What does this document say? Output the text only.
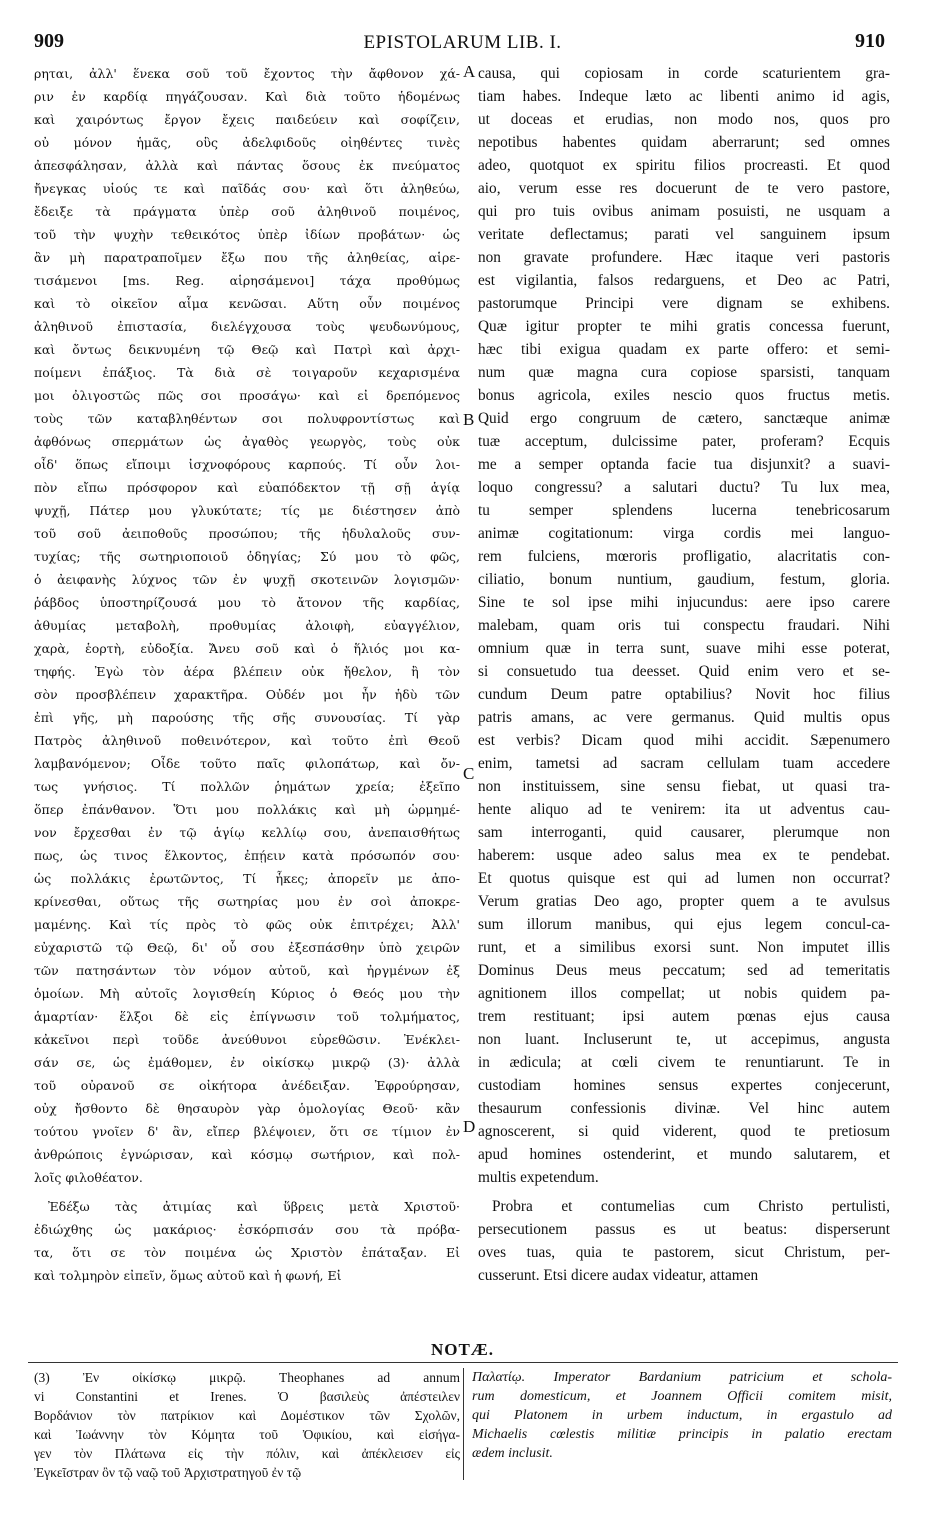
909	EPISTOLARUM LIB. I.	910
ρηται, ἀλλ' ἕνεκα σοῦ τοῦ ἔχοντος τὴν ἄφθονον χά-
ριν ἐν καρδίᾳ πηγάζουσαν. Καὶ διὰ τοῦτο ἡδομένως
καὶ χαιρόντως ἔργον ἔχεις παιδεύειν καὶ σοφίζειν,
οὐ μόνον ἡμᾶς, οὓς ἀδελφιδοῦς οἰηθέντες τινὲς
ἀπεσφάλησαν, ἀλλὰ καὶ πάντας ὅσους ἐκ πνεύματος
ἤνεγκας υἱούς τε καὶ παῖδάς σου· καὶ ὅτι ἀληθεύω,
ἔδειξε τὰ πράγματα ὑπὲρ σοῦ ἀληθινοῦ ποιμένος,
τοῦ τὴν ψυχὴν τεθεικότος ὑπὲρ ἰδίων προβάτων· ὡς
ἂν μὴ παρατραποῖμεν ἔξω που τῆς ἀληθείας, αἱρε-
τισάμενοι [ms. Reg. αἱρησάμενοι] τάχα προθύμως
καὶ τὸ οἰκεῖον αἷμα κενῶσαι. Αὕτη οὖν ποιμένος
ἀληθινοῦ ἐπιστασία, διελέγχουσα τοὺς ψευδωνύμους,
καὶ ὄντως δεικνυμένη τῷ Θεῷ καὶ Πατρὶ καὶ ἀρχι-
ποίμενι ἐπάξιος. Τὰ διὰ σὲ τοιγαροῦν κεχαρισμένα
μοι ὀλιγοστῶς πῶς σοι προσάγω· καὶ εἰ δρεπόμενος
τοὺς τῶν καταβληθέντων σοι πολυφροντίστως καὶ
ἀφθόνως σπερμάτων ὡς ἀγαθὸς γεωργὸς, τοὺς οὐκ
οἶδ' ὅπως εἴποιμι ἰσχνοφόρους καρπούς. Τί οὖν λοι-
πὸν εἴπω πρόσφορον καὶ εὐαπόδεκτον τῇ σῇ ἁγίᾳ
ψυχῇ, Πάτερ μου γλυκύτατε; τίς με διέστησεν ἀπὸ
τοῦ σοῦ ἀειποθοῦς προσώπου; τῆς ἡδυλαλοῦς συν-
τυχίας; τῆς σωτηριοποιοῦ ὁδηγίας; Σύ μου τὸ φῶς,
ὁ ἀειφανὴς λύχνος τῶν ἐν ψυχῇ σκοτεινῶν λογισμῶν·
ῥάβδος ὑποστηρίζουσά μου τὸ ἄτονον τῆς καρδίας,
ἀθυμίας μεταβολὴ, προθυμίας ἀλοιφὴ, εὐαγγέλιον,
χαρὰ, ἑορτὴ, εὐδοξία. Ἄνευ σοῦ καὶ ὁ ἥλιός μοι κα-
τηφής. Ἐγὼ τὸν ἀέρα βλέπειν οὐκ ἤθελον, ἢ τὸν
σὸν προσβλέπειν χαρακτῆρα. Οὐδέν μοι ἦν ἡδὺ τῶν
ἐπὶ γῆς, μὴ παρούσης τῆς σῆς συνουσίας. Τί γὰρ
Πατρὸς ἀληθινοῦ ποθεινότερον, καὶ τοῦτο ἐπὶ Θεοῦ
λαμβανόμενον; Οἶδε τοῦτο παῖς φιλοπάτωρ, καὶ ὄν-
τως γνήσιος. Τί πολλῶν ῥημάτων χρεία; ἐξεῖπο
ὅπερ ἐπάνθανον. Ὅτι μου πολλάκις καὶ μὴ ὡρμημέ-
νον ἔρχεσθαι ἐν τῷ ἁγίῳ κελλίῳ σου, ἀνεπαισθήτως
πως, ὡς τινος ἕλκοντος, ἐπῄειν κατὰ πρόσωπόν σου·
ὡς πολλάκις ἐρωτῶντος, Τί ἧκες; ἀπορεῖν με ἀπο-
κρίνεσθαι, οὕτως τῆς σωτηρίας μου ἐν σοὶ ἀποκρε-
μαμένης. Καὶ τίς πρὸς τὸ φῶς οὐκ ἐπιτρέχει; Ἀλλ'
εὐχαριστῶ τῷ Θεῷ, δι' οὗ σου ἐξεσπάσθην ὑπὸ χειρῶν
τῶν πατησάντων τὸν νόμον αὐτοῦ, καὶ ἠργμένων ἐξ
ὁμοίων. Μὴ αὐτοῖς λογισθείη Κύριος ὁ Θεός μου τὴν
ἁμαρτίαν· ἕλξοι δὲ εἰς ἐπίγνωσιν τοῦ τολμήματος,
κἀκεῖνοι περὶ τοῦδε ἀνεύθυνοι εὑρεθῶσιν. Ἐνέκλει-
σάν σε, ὡς ἐμάθομεν, ἐν οἰκίσκῳ μικρῷ (3)· ἀλλὰ
τοῦ οὐρανοῦ σε οἰκήτορα ἀνέδειξαν. Ἐφρούρησαν,
οὐχ ἤσθοντο δὲ θησαυρὸν γὰρ ὁμολογίας Θεοῦ· κἂν
τούτου γνοῖεν δ' ἂν, εἴπερ βλέψοιεν, ὅτι σε τίμιον ἐν
ἀνθρώποις ἐγνώρισαν, καὶ κόσμῳ σωτήριον, καὶ πολ-
λοῖς φιλοθέατον.
Ἐδέξω τὰς ἀτιμίας καὶ ὕβρεις μετὰ Χριστοῦ·
ἐδιώχθης ὡς μακάριος· ἐσκόρπισάν σου τὰ πρόβα-
τα, ὅτι σε τὸν ποιμένα ὡς Χριστὸν ἐπάταξαν. Εἰ
καὶ τολμηρὸν εἰπεῖν, ὅμως αὐτοῦ καὶ ἡ φωνή, Εἰ
causa, qui copiosam in corde scaturientem gra-
tiam habes. Indeque læto ac libenti animo id agis,
ut doceas et erudias, non modo nos, quos pro
nepotibus habentes quidam aberrarunt; sed omnes
adeo, quotquot ex spiritu filios procreasti. Et quod
aio, verum esse res docuerunt de te vero pastore,
qui pro tuis ovibus animam posuisti, ne usquam a
veritate deflectamus; parati vel sanguinem ipsum
non gravate profundere. Hæc itaque veri pastoris
est vigilantia, falsos redarguens, et Deo ac Patri,
pastorumque Principi vere dignam se exhibens.
Quæ igitur propter te mihi gratis concessa fuerunt,
hæc tibi exigua quadam ex parte offero: et semi-
num quæ magna cura copiose sparsisti, tanquam
bonus agricola, exiles nescio quos fructus metis.
Quid ergo congruum de cætero, sanctæque animæ
tuæ acceptum, dulcissime pater, proferam? Ecquis
me a semper optanda facie tua disjunxit? a suavi-
loquo congressu? a salutari ductu? Tu lux mea,
tu semper splendens lucerna tenebricosarum
animæ cogitationum: virga cordis mei languo-
rem fulciens, mœroris profligatio, alacritatis con-
ciliatio, bonum nuntium, gaudium, festum, gloria.
Sine te sol ipse mihi injucundus: aere ipso carere
malebam, quam oris tui conspectu fraudari. Nihi
omnium quæ in terra sunt, suave mihi esse poterat,
si consuetudo tua deesset. Quid enim vero et se-
cundum Deum patre optabilius? Novit hoc filius
patris amans, ac vere germanus. Quid multis opus
est verbis? Dicam quod mihi accidit. Sæpenumero
enim, tametsi ad sacram cellulam tuam accedere
non instituissem, sine sensu fiebat, ut quasi tra-
hente aliquo ad te venirem: ita ut adventus cau-
sam interroganti, quid causarer, plerumque non
haberem: usque adeo salus mea ex te pendebat.
Et quotus quisque est qui ad lumen non occurrat?
Verum gratias Deo ago, propter quem a te avulsus
sum illorum manibus, qui ejus legem concul-ca-
runt, et a similibus exorsi sunt. Non imputet illis
Dominus Deus meus peccatum; sed ad temeritatis
agnitionem illos compellat; ut nobis quidem pa-
trem restituant; ipsi autem pœnas ejus causa
non luant. Incluserunt te, ut accepimus, angusta
in ædicula; at cœli civem te renuntiarunt. Te in
custodiam homines sensus expertes conjecerunt,
thesaurum confessionis divinæ. Vel hinc autem
agnoscerent, si quid viderent, quod te pretiosum
apud homines ostenderint, et mundo salutarem, et
multis expetendum.
Probra et contumelias cum Christo pertulisti,
persecutionem passus es ut beatus: disperserunt
oves tuas, quia te pastorem, sicut Christum, per-
cusserunt. Etsi dicere audax videatur, attamen
A
B
C
D
NOTÆ.
(3) Ἐν οἰκίσκῳ μικρῷ. Theophanes ad annum
vi Constantini et Irenes. Ὁ βασιλεὺς ἀπέστειλεν
Βορδάνιον τὸν πατρίκιον καὶ Δομέστικον τῶν Σχολῶν,
καὶ Ἰωάννην τὸν Κόμητα τοῦ Ὀφικίου, καὶ εἰσήγα-
γεν τὸν Πλάτωνα εἰς τὴν πόλιν, καὶ ἀπέκλεισεν εἰς
Ἐγκεῖστραν ὂν τῷ ναῷ τοῦ Ἀρχιστρατηγοῦ ἐν τῷ
Παλατίῳ. Imperator Bardanium patricium et schola-
rum domesticum, et Joannem Officii comitem misit,
qui Platonem in urbem inductum, in ergastulo ad
Michaelis cœlestis militiæ principis in palatio erectam
ædem inclusit.
